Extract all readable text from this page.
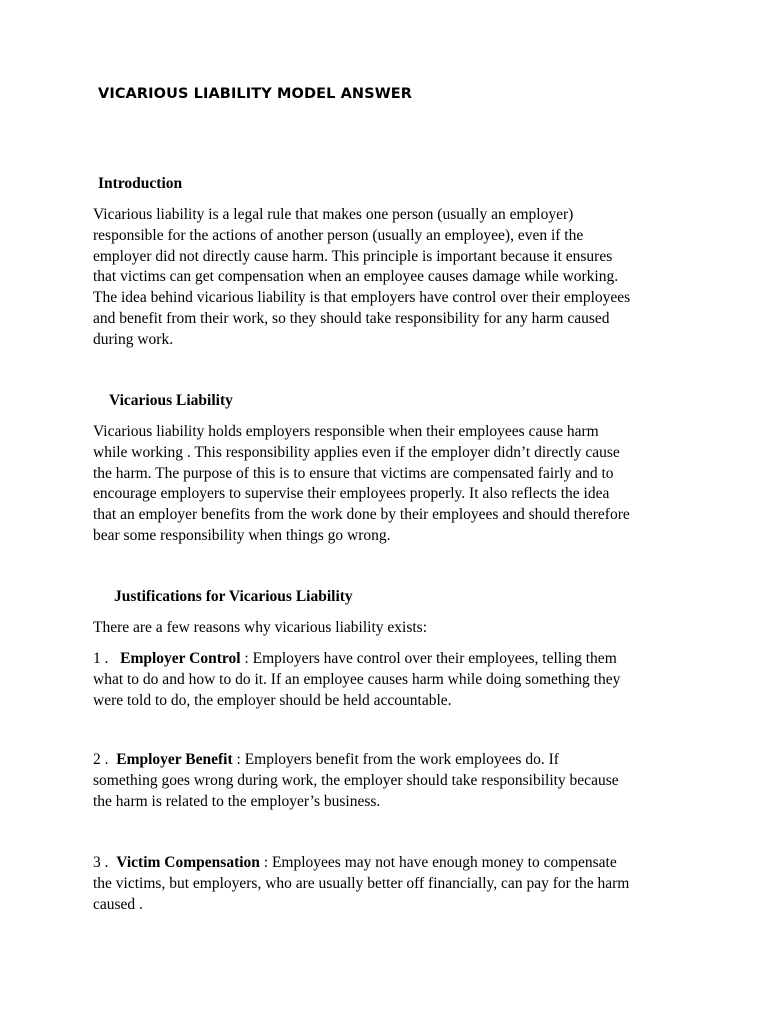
VICARIOUS LIABILITY MODEL ANSWER
Introduction

Vicarious liability is a legal rule that makes one person (usually an employer)
responsible for the actions of another person (usually an employee), even if the
employer did not directly cause harm. This principle is important because it ensures
that victims can get compensation when an employee causes damage while working.
The idea behind vicarious liability is that employers have control over their employees
and benefit from their work, so they should take responsibility for any harm caused
during work.

Vicarious Liability

Vicarious liability holds employers responsible when their employees cause harm
while working . This responsibility applies even if the employer didn’t directly cause
the harm. The purpose of this is to ensure that victims are compensated fairly and to
encourage employers to supervise their employees properly. It also reflects the idea
that an employer benefits from the work done by their employees and should therefore
bear some responsibility when things go wrong.

Justifications for Vicarious Liability

There are a few reasons why vicarious liability exists:

1 .   Employer Control : Employers have control over their employees, telling them
what to do and how to do it. If an employee causes harm while doing something they
were told to do, the employer should be held accountable.

2 .  Employer Benefit : Employers benefit from the work employees do. If
something goes wrong during work, the employer should take responsibility because
the harm is related to the employer’s business.

3 .  Victim Compensation : Employees may not have enough money to compensate
the victims, but employers, who are usually better off financially, can pay for the harm
caused .
